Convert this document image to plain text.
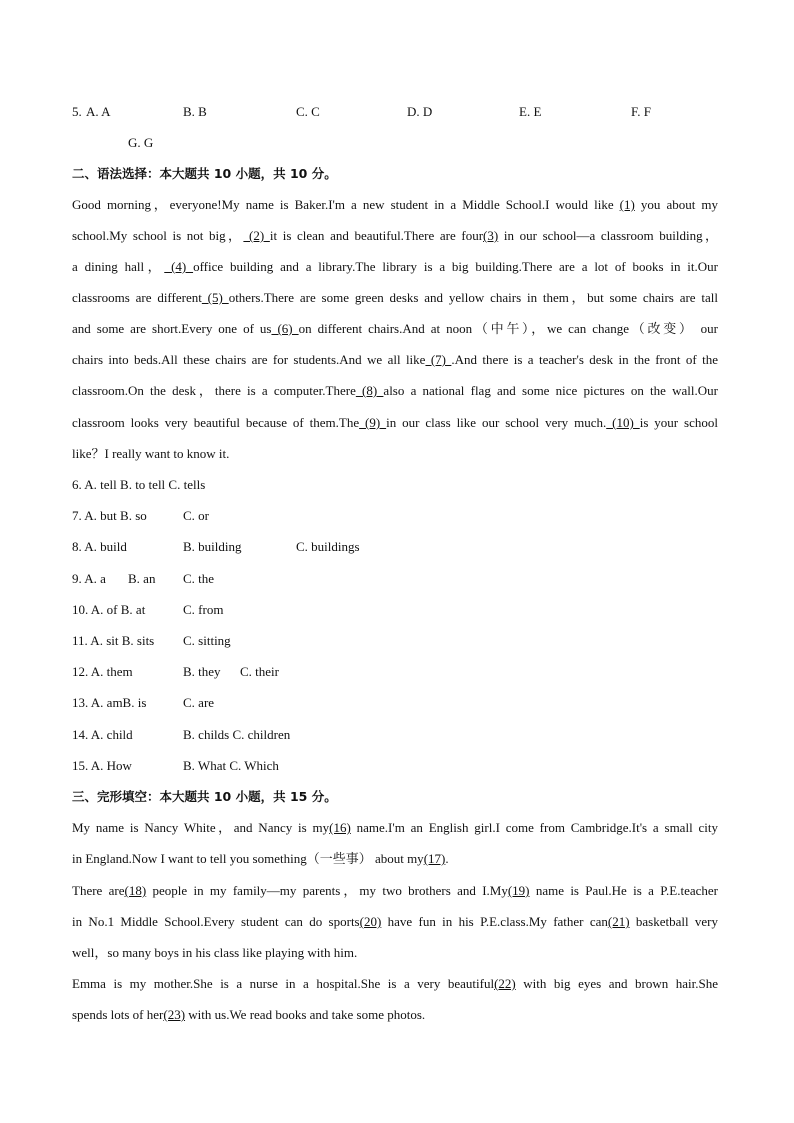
5. A. A	B. B	C. C	D. D	E. E	F. F
G. G
二、语法选择：本大题共 10 小题，共 10 分。
Good morning，everyone!My name is Baker.I'm a new student in a Middle School.I would like (1) you about my
school.My school is not big， (2) it is clean and beautiful.There are four(3) in our school—a classroom building，
a dining hall， (4) office building and a library.The library is a big building.There are a lot of books in it.Our
classrooms are different (5) others.There are some green desks and yellow chairs in them，but some chairs are tall
and some are short.Every one of us (6) on different chairs.And at noon（中午），we can change（改变） our
chairs into beds.All these chairs are for students.And we all like (7) .And there is a teacher's desk in the front of the
classroom.On the desk，there is a computer.There (8) also a national flag and some nice pictures on the wall.Our
classroom looks very beautiful because of them.The (9) in our class like our school very much. (10) is your school
like？I really want to know it.
6. A. tell B. to tell C. tells
7. A. but B. so	C. or
8. A. build	B. building	C. buildings
9. A. a B. an C. the
10. A. of B. at	C. from
11. A. sit B. sits C. sitting
12. A. them	B. they C. their
13. A. amB. is	C. are
14. A. child	B. childs C. children
15. A. How	B. What C. Which
三、完形填空：本大题共 10 小题，共 15 分。
My name is Nancy White，and Nancy is my(16) name.I'm an English girl.I come from Cambridge.It's a small city
in England.Now I want to tell you something（一些事） about my(17).
There are(18) people in my family—my parents，my two brothers and I.My(19) name is Paul.He is a P.E.teacher
in No.1 Middle School.Every student can do sports(20) have fun in his P.E.class.My father can(21) basketball very
well，so many boys in his class like playing with him.
Emma is my mother.She is a nurse in a hospital.She is a very beautiful(22) with big eyes and brown hair.She
spends lots of her(23) with us.We read books and take some photos.
